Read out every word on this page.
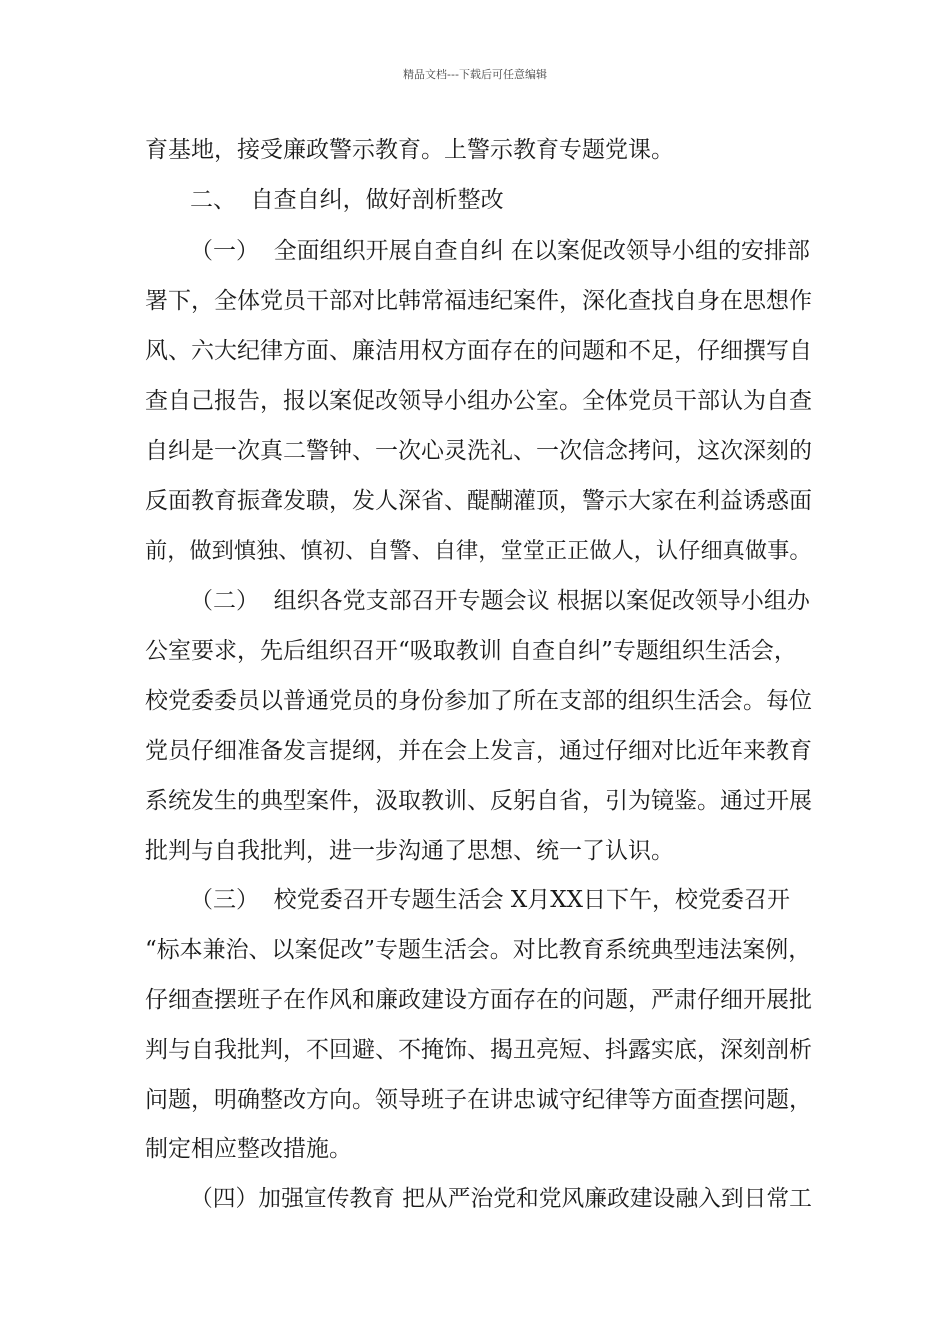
精品文档---下载后可任意编辑
育基地，接受廉政警示教育。上警示教育专题党课。
二、  自查自纠，做好剖析整改
（一）  全面组织开展自查自纠 在以案促改领导小组的安排部
署下，全体党员干部对比韩常福违纪案件，深化查找自身在思想作
风、六大纪律方面、廉洁用权方面存在的问题和不足，仔细撰写自
查自己报告，报以案促改领导小组办公室。全体党员干部认为自查
自纠是一次真二警钟、一次心灵洗礼、一次信念拷问，这次深刻的
反面教育振聋发聩，发人深省、醍醐灌顶，警示大家在利益诱惑面
前，做到慎独、慎初、自警、自律，堂堂正正做人，认仔细真做事。
（二）  组织各党支部召开专题会议 根据以案促改领导小组办
公室要求，先后组织召开“吸取教训 自查自纠”专题组织生活会，
校党委委员以普通党员的身份参加了所在支部的组织生活会。每位
党员仔细准备发言提纲，并在会上发言，通过仔细对比近年来教育
系统发生的典型案件，汲取教训、反躬自省，引为镜鉴。通过开展
批判与自我批判，进一步沟通了思想、统一了认识。
（三）  校党委召开专题生活会 X月XX日下午，校党委召开
“标本兼治、以案促改”专题生活会。对比教育系统典型违法案例，
仔细查摆班子在作风和廉政建设方面存在的问题，严肃仔细开展批
判与自我批判，不回避、不掩饰、揭丑亮短、抖露实底，深刻剖析
问题，明确整改方向。领导班子在讲忠诚守纪律等方面查摆问题，
制定相应整改措施。
（四）加强宣传教育 把从严治党和党风廉政建设融入到日常工
